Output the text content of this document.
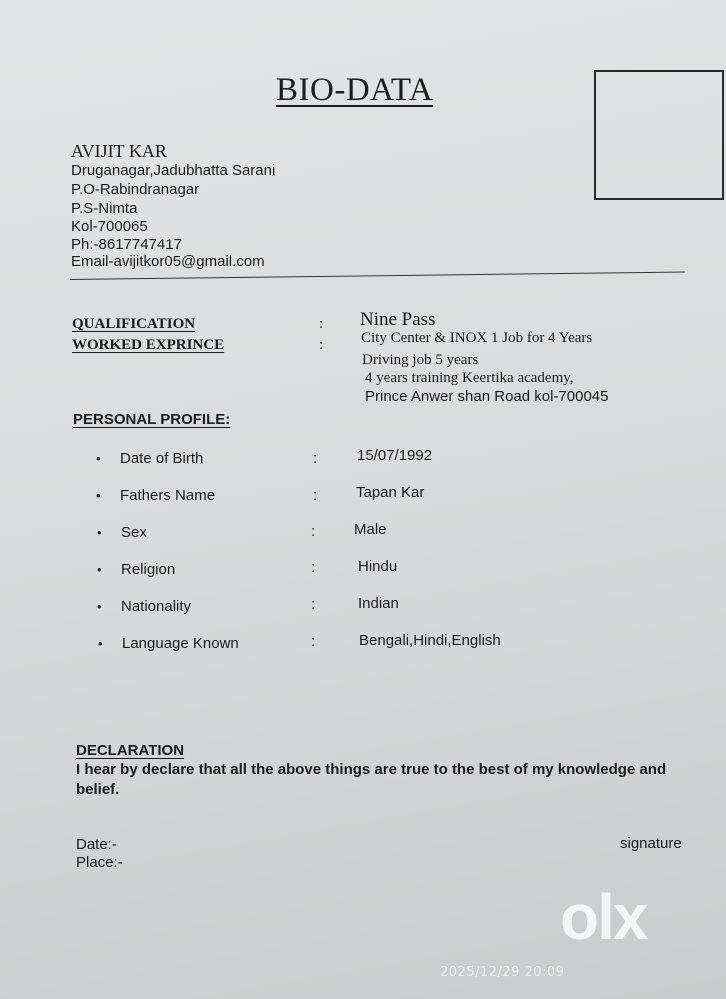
BIO-DATA
AVIJIT KAR
Druganagar,Jadubhatta Sarani
P.O-Rabindranagar
P.S-Nimta
Kol-700065
Ph:-8617747417
Email-avijitkor05@gmail.com
QUALIFICATION	: Nine Pass
WORKED EXPRINCE	:	City Center & INOX 1 Job for 4 Years
Driving job 5 years
4 years training Keertika academy,
Prince Anwer shan Road kol-700045
PERSONAL PROFILE:
• Date of Birth	:	15/07/1992
• Fathers Name	:	Tapan Kar
• Sex	:	Male
• Religion	:	Hindu
• Nationality	:	Indian
• Language Known	:	Bengali,Hindi,English
DECLARATION
I hear by declare that all the above things are true to the best of my knowledge and belief.
Date:-
Place:-
signature
olx
2025/12/29 20:09
